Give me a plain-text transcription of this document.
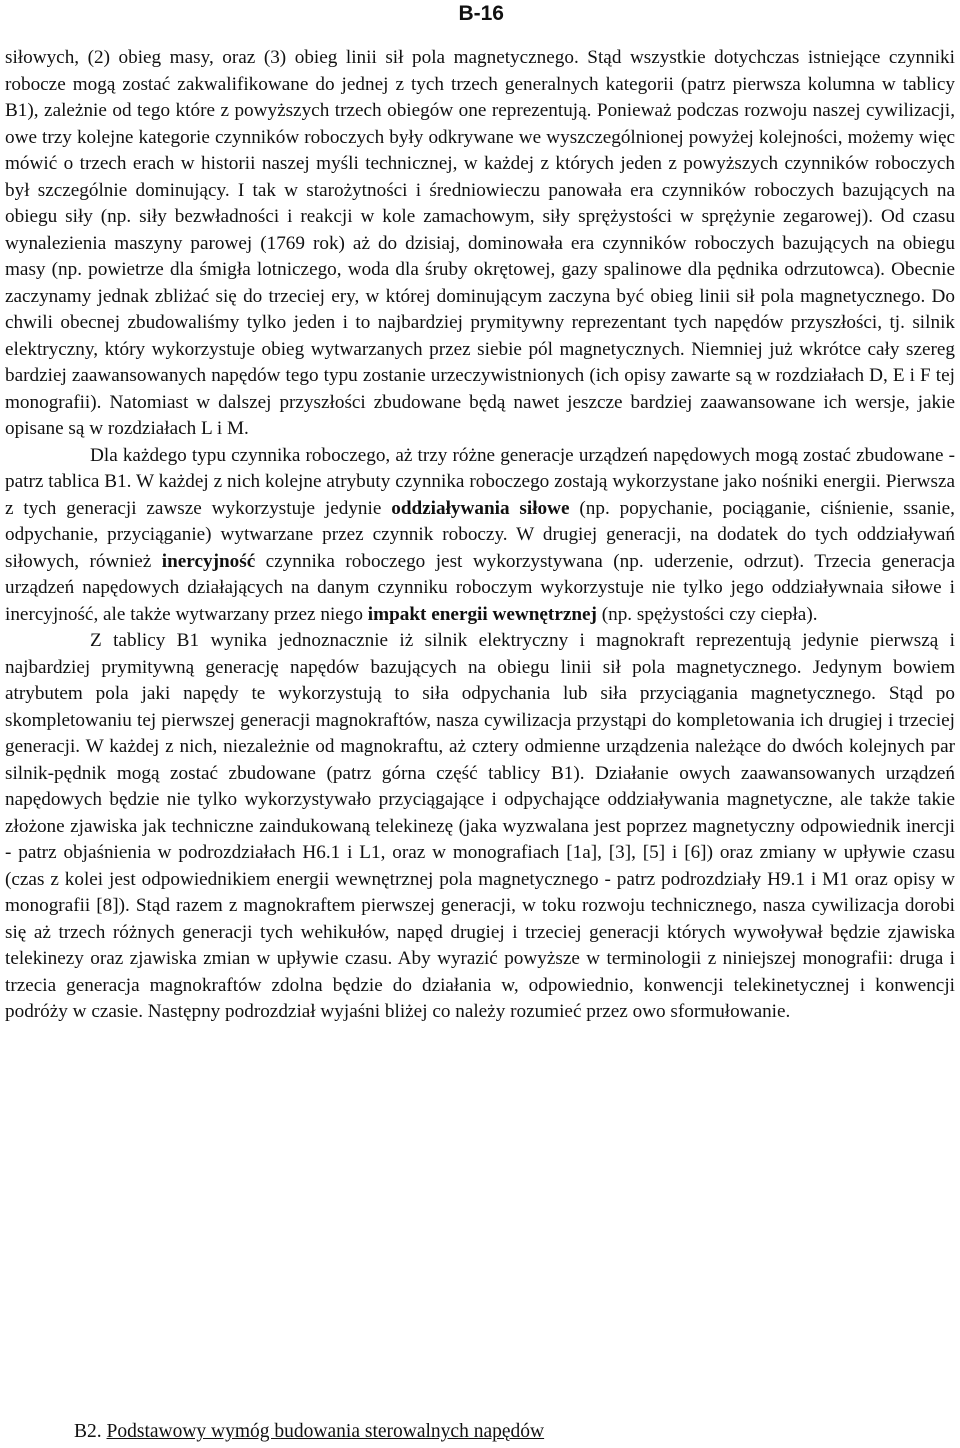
B-16

siłowych, (2) obieg masy, oraz (3) obieg linii sił pola magnetycznego. Stąd wszystkie dotychczas istniejące czynniki robocze mogą zostać zakwalifikowane do jednej z tych trzech generalnych kategorii (patrz pierwsza kolumna w tablicy B1), zależnie od tego które z powyższych trzech obiegów one reprezentują. Ponieważ podczas rozwoju naszej cywilizacji, owe trzy kolejne kategorie czynników roboczych były odkrywane we wyszczególnionej powyżej kolejności, możemy więc mówić o trzech erach w historii naszej myśli technicznej, w każdej z których jeden z powyższych czynników roboczych był szczególnie dominujący. I tak w starożytności i średniowieczu panowała era czynników roboczych bazujących na obiegu siły (np. siły bezwładności i reakcji w kole zamachowym, siły sprężystości w sprężynie zegarowej). Od czasu wynalezienia maszyny parowej (1769 rok) aż do dzisiaj, dominowała era czynników roboczych bazujących na obiegu masy (np. powietrze dla śmigła lotniczego, woda dla śruby okrętowej, gazy spalinowe dla pędnika odrzutowca). Obecnie zaczynamy jednak zbliżać się do trzeciej ery, w której dominującym zaczyna być obieg linii sił pola magnetycznego. Do chwili obecnej zbudowaliśmy tylko jeden i to najbardziej prymitywny reprezentant tych napędów przyszłości, tj. silnik elektryczny, który wykorzystuje obieg wytwarzanych przez siebie pól magnetycznych. Niemniej już wkrótce cały szereg bardziej zaawansowanych napędów tego typu zostanie urzeczywistnionych (ich opisy zawarte są w rozdziałach D, E i F tej monografii). Natomiast w dalszej przyszłości zbudowane będą nawet jeszcze bardziej zaawansowane ich wersje, jakie opisane są w rozdziałach L i M.

Dla każdego typu czynnika roboczego, aż trzy różne generacje urządzeń napędowych mogą zostać zbudowane - patrz tablica B1. W każdej z nich kolejne atrybuty czynnika roboczego zostają wykorzystane jako nośniki energii. Pierwsza z tych generacji zawsze wykorzystuje jedynie oddziaływania siłowe (np. popychanie, pociąganie, ciśnienie, ssanie, odpychanie, przyciąganie) wytwarzane przez czynnik roboczy. W drugiej generacji, na dodatek do tych oddziaływań siłowych, również inercyjność czynnika roboczego jest wykorzystywana (np. uderzenie, odrzut). Trzecia generacja urządzeń napędowych działających na danym czynniku roboczym wykorzystuje nie tylko jego oddziaływnaia siłowe i inercyjność, ale także wytwarzany przez niego impakt energii wewnętrznej (np. spężystości czy ciepła).

Z tablicy B1 wynika jednoznacznie iż silnik elektryczny i magnokraft reprezentują jedynie pierwszą i najbardziej prymitywną generację napędów bazujących na obiegu linii sił pola magnetycznego. Jedynym bowiem atrybutem pola jaki napędy te wykorzystują to siła odpychania lub siła przyciągania magnetycznego. Stąd po skompletowaniu tej pierwszej generacji magnokraftów, nasza cywilizacja przystąpi do kompletowania ich drugiej i trzeciej generacji. W każdej z nich, niezależnie od magnokraftu, aż cztery odmienne urządzenia należące do dwóch kolejnych par silnik-pędnik mogą zostać zbudowane (patrz górna część tablicy B1). Działanie owych zaawansowanych urządzeń napędowych będzie nie tylko wykorzystywało przyciągające i odpychające oddziaływania magnetyczne, ale także takie złożone zjawiska jak techniczne zaindukowaną telekinezę (jaka wyzwalana jest poprzez magnetyczny odpowiednik inercji - patrz objaśnienia w podrozdziałach H6.1 i L1, oraz w monografiach [1a], [3], [5] i [6]) oraz zmiany w upływie czasu (czas z kolei jest odpowiednikiem energii wewnętrznej pola magnetycznego - patrz podrozdziały H9.1 i M1 oraz opisy w monografii [8]). Stąd razem z magnokraftem pierwszej generacji, w toku rozwoju technicznego, nasza cywilizacja dorobi się aż trzech różnych generacji tych wehikułów, napęd drugiej i trzeciej generacji których wywoływał będzie zjawiska telekinezy oraz zjawiska zmian w upływie czasu. Aby wyrazić powyższe w terminologii z niniejszej monografii: druga i trzecia generacja magnokraftów zdolna będzie do działania w, odpowiednio, konwencji telekinetycznej i konwencji podróży w czasie. Następny podrozdział wyjaśni bliżej co należy rozumieć przez owo sformułowanie.

B2. Podstawowy wymóg budowania sterowalnych napędów
